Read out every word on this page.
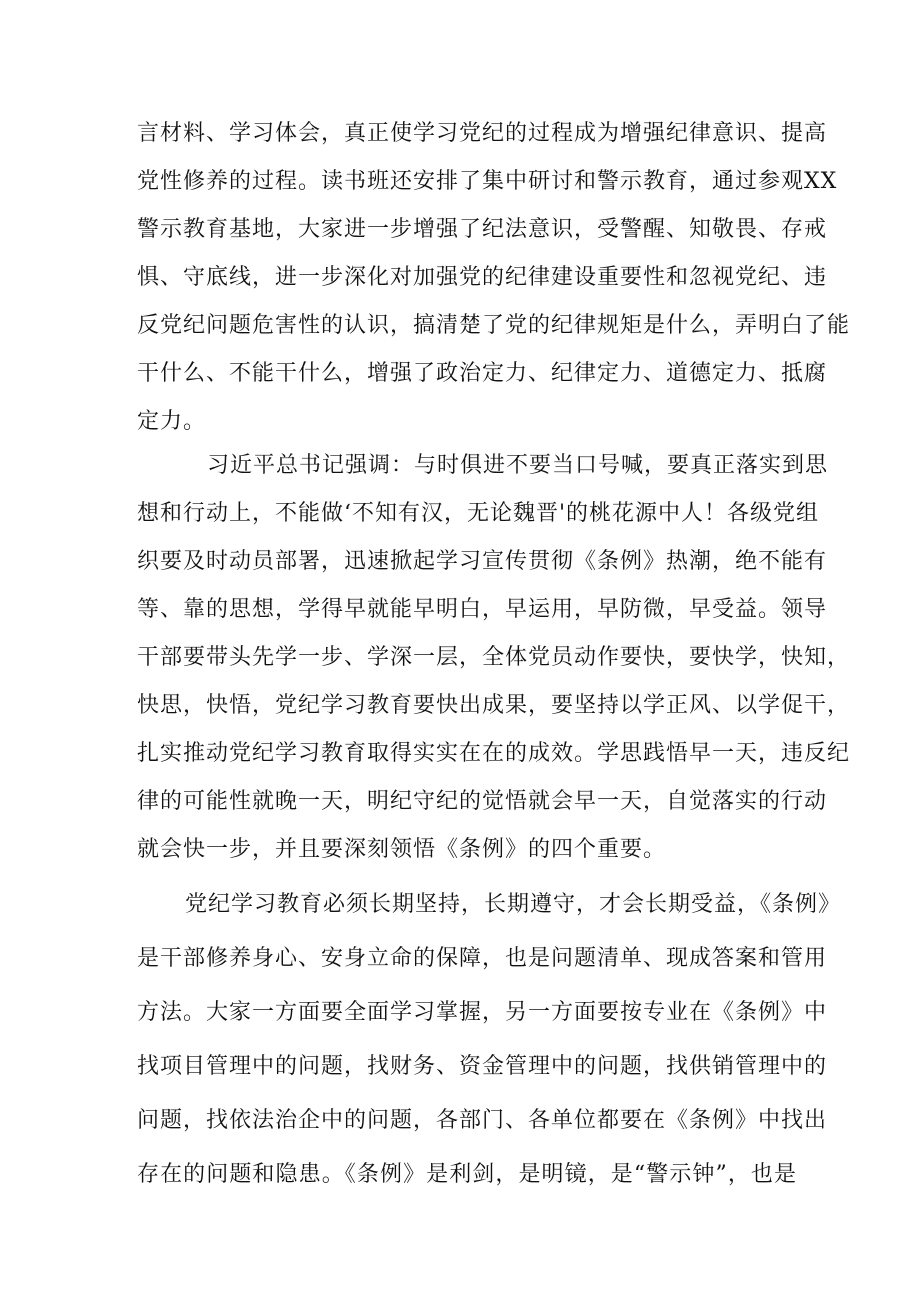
言材料、学习体会，真正使学习党纪的过程成为增强纪律意识、提高
党性修养的过程。读书班还安排了集中研讨和警示教育，通过参观XX
警示教育基地，大家进一步增强了纪法意识，受警醒、知敬畏、存戒
惧、守底线，进一步深化对加强党的纪律建设重要性和忽视党纪、违
反党纪问题危害性的认识，搞清楚了党的纪律规矩是什么，弄明白了能
干什么、不能干什么，增强了政治定力、纪律定力、道德定力、抵腐
定力。
习近平总书记强调：与时俱进不要当口号喊，要真正落实到思
想和行动上，不能做‘不知有汉，无论魏晋'的桃花源中人！各级党组
织要及时动员部署，迅速掀起学习宣传贯彻《条例》热潮，绝不能有
等、靠的思想，学得早就能早明白，早运用，早防微，早受益。领导
干部要带头先学一步、学深一层，全体党员动作要快，要快学，快知，
快思，快悟，党纪学习教育要快出成果，要坚持以学正风、以学促干，
扎实推动党纪学习教育取得实实在在的成效。学思践悟早一天，违反纪
律的可能性就晚一天，明纪守纪的觉悟就会早一天，自觉落实的行动
就会快一步，并且要深刻领悟《条例》的四个重要。
党纪学习教育必须长期坚持，长期遵守，才会长期受益，《条例》
是干部修养身心、安身立命的保障，也是问题清单、现成答案和管用
方法。大家一方面要全面学习掌握，另一方面要按专业在《条例》中
找项目管理中的问题，找财务、资金管理中的问题，找供销管理中的
问题，找依法治企中的问题，各部门、各单位都要在《条例》中找出
存在的问题和隐患。《条例》是利剑，是明镜，是“警示钟”，也是
